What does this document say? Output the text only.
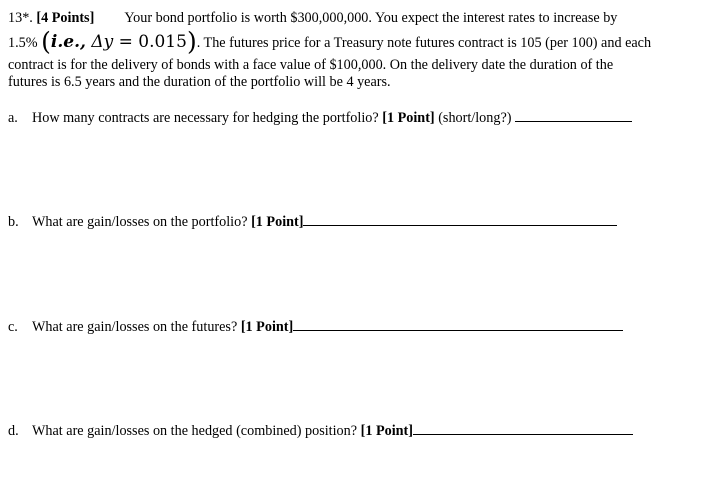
13*. [4 Points] Your bond portfolio is worth $300,000,000. You expect the interest rates to increase by
1.5% (i.e., Δy = 0.015). The futures price for a Treasury note futures contract is 105 (per 100) and each
contract is for the delivery of bonds with a face value of $100,000. On the delivery date the duration of the
futures is 6.5 years and the duration of the portfolio will be 4 years.
a. How many contracts are necessary for hedging the portfolio? [1 Point] (short/long?)
b. What are gain/losses on the portfolio? [1 Point]
c. What are gain/losses on the futures? [1 Point]
d. What are gain/losses on the hedged (combined) position? [1 Point]
